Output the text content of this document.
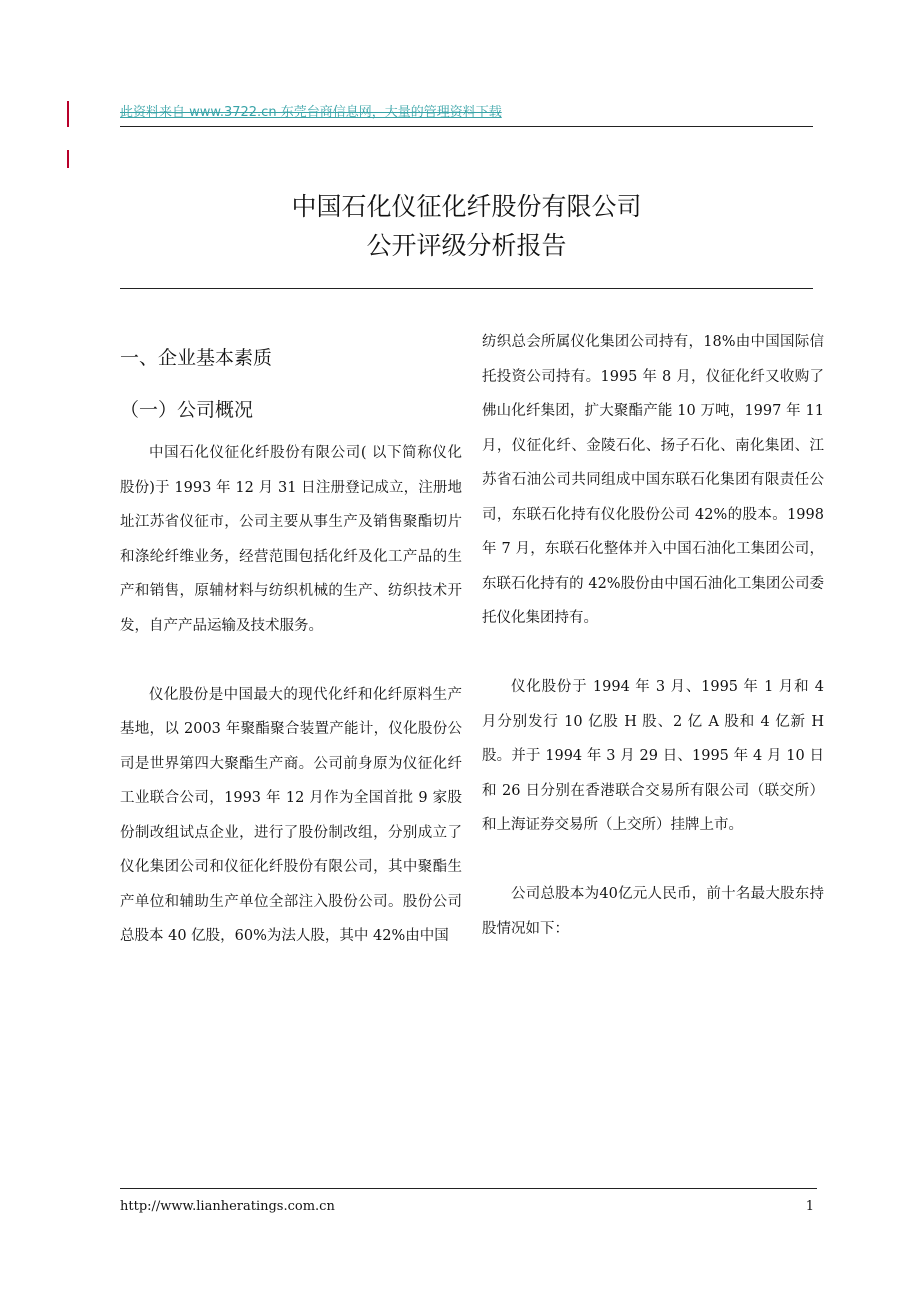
此资料来自 www.3722.cn 东莞台商信息网，大量的管理资料下载
中国石化仪征化纤股份有限公司
公开评级分析报告
一、企业基本素质
（一）公司概况

中国石化仪征化纤股份有限公司( 以下简称仪化股份)于 1993 年 12 月 31 日注册登记成立，注册地址江苏省仪征市，公司主要从事生产及销售聚酯切片和涤纶纤维业务，经营范围包括化纤及化工产品的生产和销售，原辅材料与纺织机械的生产、纺织技术开发，自产产品运输及技术服务。

仪化股份是中国最大的现代化纤和化纤原料生产基地，以 2003 年聚酯聚合装置产能计，仪化股份公司是世界第四大聚酯生产商。公司前身原为仪征化纤工业联合公司，1993 年 12 月作为全国首批 9 家股份制改组试点企业，进行了股份制改组，分别成立了仪化集团公司和仪征化纤股份有限公司，其中聚酯生产单位和辅助生产单位全部注入股份公司。股份公司总股本 40 亿股，60%为法人股，其中 42%由中国

纺织总会所属仪化集团公司持有，18%由中国国际信托投资公司持有。1995 年 8 月，仪征化纤又收购了佛山化纤集团，扩大聚酯产能 10 万吨，1997 年 11 月，仪征化纤、金陵石化、扬子石化、南化集团、江苏省石油公司共同组成中国东联石化集团有限责任公司，东联石化持有仪化股份公司 42%的股本。1998 年 7 月，东联石化整体并入中国石油化工集团公司，东联石化持有的 42%股份由中国石油化工集团公司委托仪化集团持有。

仪化股份于 1994 年 3 月、1995 年 1 月和 4 月分别发行 10 亿股 H 股、2 亿 A 股和 4 亿新 H 股。并于 1994 年 3 月 29 日、1995 年 4 月 10 日和 26 日分别在香港联合交易所有限公司（联交所）和上海证券交易所（上交所）挂牌上市。

公司总股本为40亿元人民币，前十名最大股东持股情况如下：

http://www.lianheratings.com.cn	1
